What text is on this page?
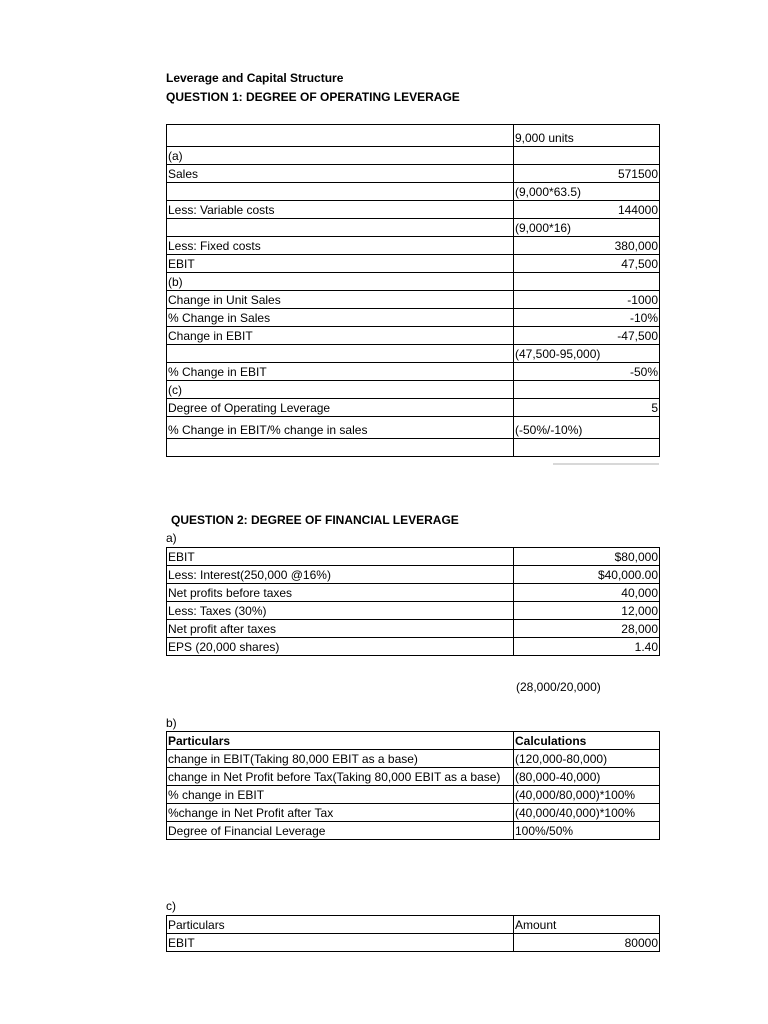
Leverage and Capital Structure
QUESTION 1: DEGREE OF OPERATING LEVERAGE
	9,000 units
(a)	
Sales	571500
	(9,000*63.5)
Less: Variable costs	144000
	(9,000*16)
Less: Fixed costs	380,000
EBIT	47,500
(b)	
Change in Unit Sales	-1000
% Change in Sales	-10%
Change in EBIT	-47,500
	(47,500-95,000)
% Change in EBIT	-50%
(c)	
Degree of Operating Leverage	5
% Change in EBIT/% change in sales	(-50%/-10%)

QUESTION 2: DEGREE OF FINANCIAL LEVERAGE
a)
EBIT	$80,000
Less: Interest(250,000 @16%)	$40,000.00
Net profits before taxes	40,000
Less: Taxes (30%)	12,000
Net profit after taxes	28,000
EPS (20,000 shares)	1.40
(28,000/20,000)
b)
Particulars	Calculations
change in EBIT(Taking 80,000 EBIT as a base)	(120,000-80,000)
change in Net Profit before Tax(Taking 80,000 EBIT as a base)	(80,000-40,000)
% change in EBIT	(40,000/80,000)*100%
%change in Net Profit after Tax	(40,000/40,000)*100%
Degree of Financial Leverage	100%/50%
c)
Particulars	Amount
EBIT	80000
